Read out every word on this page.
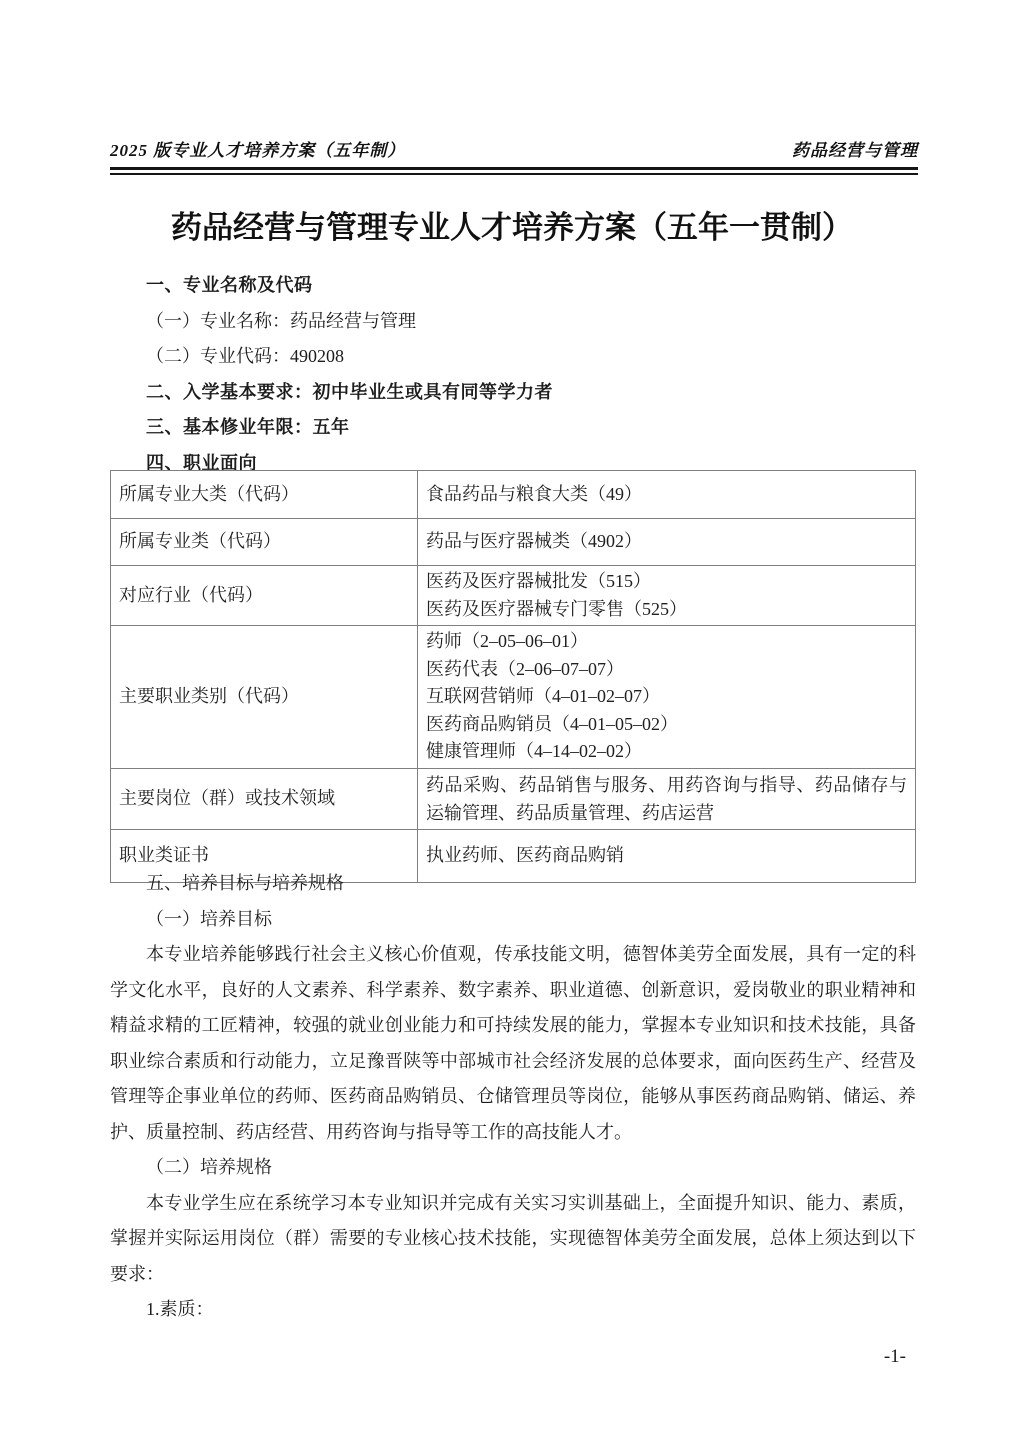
2025 版专业人才培养方案（五年制）	药品经营与管理
药品经营与管理专业人才培养方案（五年一贯制）
一、专业名称及代码
（一）专业名称：药品经营与管理
（二）专业代码：490208
二、入学基本要求：初中毕业生或具有同等学力者
三、基本修业年限：五年
四、职业面向
所属专业大类（代码）	食品药品与粮食大类（49）

所属专业类（代码）	药品与医疗器械类（4902）

对应行业（代码）	医药及医疗器械批发（515）
医药及医疗器械专门零售（525）

主要职业类别（代码）	药师（2–05–06–01）
医药代表（2–06–07–07）
互联网营销师（4–01–02–07）
医药商品购销员（4–01–05–02）
健康管理师（4–14–02–02）

主要岗位（群）或技术领域	药品采购、药品销售与服务、用药咨询与指导、药品储存与运输管理、药品质量管理、药店运营

职业类证书	执业药师、医药商品购销
五、培养目标与培养规格
（一）培养目标

本专业培养能够践行社会主义核心价值观，传承技能文明，德智体美劳全面发展，具有一定的科学文化水平，良好的人文素养、科学素养、数字素养、职业道德、创新意识，爱岗敬业的职业精神和精益求精的工匠精神，较强的就业创业能力和可持续发展的能力，掌握本专业知识和技术技能，具备职业综合素质和行动能力，立足豫晋陕等中部城市社会经济发展的总体要求，面向医药生产、经营及管理等企事业单位的药师、医药商品购销员、仓储管理员等岗位，能够从事医药商品购销、储运、养护、质量控制、药店经营、用药咨询与指导等工作的高技能人才。

（二）培养规格

本专业学生应在系统学习本专业知识并完成有关实习实训基础上，全面提升知识、能力、素质，掌握并实际运用岗位（群）需要的专业核心技术技能，实现德智体美劳全面发展，总体上须达到以下要求：

1.素质：
-1-
